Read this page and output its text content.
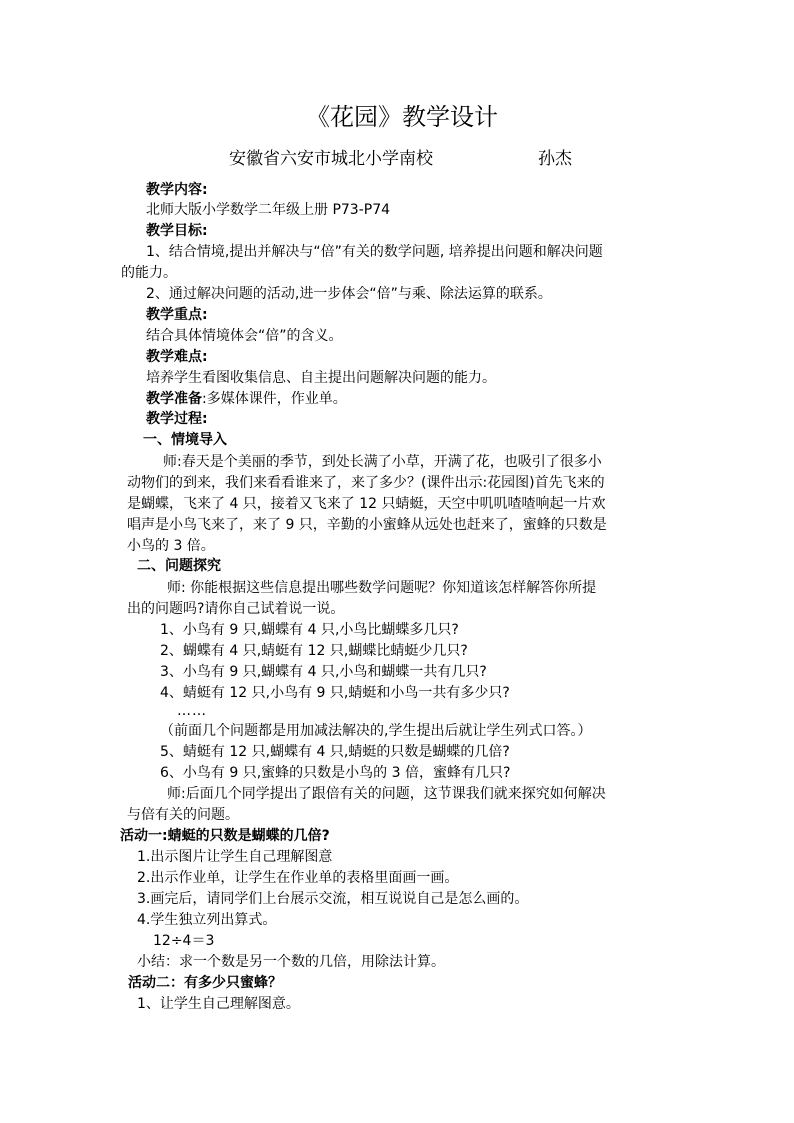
《花园》教学设计
安徽省六安市城北小学南校	孙杰
教学内容:
北师大版小学数学二年级上册 P73-P74
教学目标:
1、结合情境,提出并解决与“倍”有关的数学问题, 培养提出问题和解决问题
的能力。
2、通过解决问题的活动,进一步体会“倍”与乘、除法运算的联系。
教学重点:
结合具体情境体会“倍”的含义。
教学难点:
培养学生看图收集信息、自主提出问题解决问题的能力。
教学准备:多媒体课件，作业单。
教学过程:
一、情境导入
师:春天是个美丽的季节，到处长满了小草，开满了花，也吸引了很多小
动物们的到来，我们来看看谁来了，来了多少？(课件出示:花园图)首先飞来的
是蝴蝶，飞来了 4 只，接着又飞来了 12 只蜻蜓，天空中叽叽喳喳响起一片欢
唱声是小鸟飞来了，来了 9 只，辛勤的小蜜蜂从远处也赶来了，蜜蜂的只数是
小鸟的 3 倍。
二、问题探究
师: 你能根据这些信息提出哪些数学问题呢？你知道该怎样解答你所提
出的问题吗?请你自己试着说一说。
1、小鸟有 9 只,蝴蝶有 4 只,小鸟比蝴蝶多几只?
2、蝴蝶有 4 只,蜻蜓有 12 只,蝴蝶比蜻蜓少几只?
3、小鸟有 9 只,蝴蝶有 4 只,小鸟和蝴蝶一共有几只?
4、蜻蜓有 12 只,小鸟有 9 只,蜻蜓和小鸟一共有多少只?
……
（前面几个问题都是用加减法解决的,学生提出后就让学生列式口答。）
5、蜻蜓有 12 只,蝴蝶有 4 只,蜻蜓的只数是蝴蝶的几倍?
6、小鸟有 9 只,蜜蜂的只数是小鸟的 3 倍，蜜蜂有几只?
师:后面几个同学提出了跟倍有关的问题，这节课我们就来探究如何解决
与倍有关的问题。
活动一:蜻蜓的只数是蝴蝶的几倍?
1.出示图片让学生自己理解图意
2.出示作业单，让学生在作业单的表格里面画一画。
3.画完后，请同学们上台展示交流，相互说说自己是怎么画的。
4.学生独立列出算式。
12÷4＝3
小结：求一个数是另一个数的几倍，用除法计算。
活动二：有多少只蜜蜂？
1、让学生自己理解图意。
